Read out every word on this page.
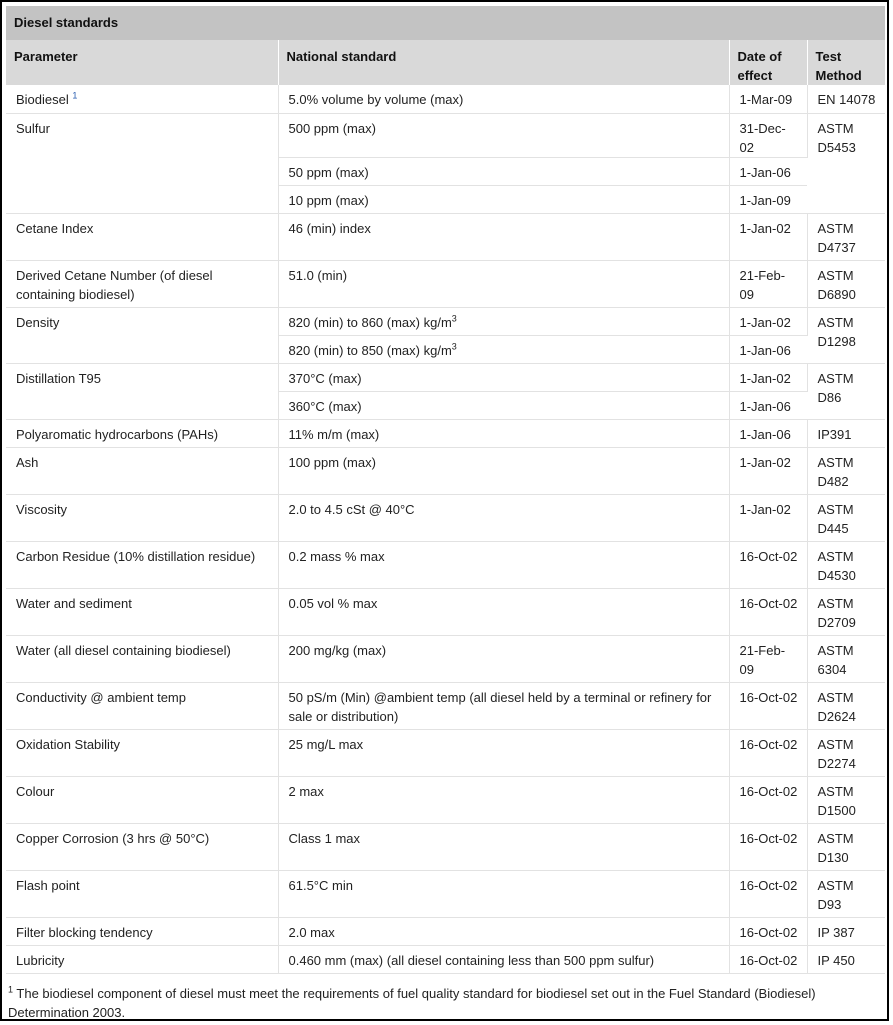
Diesel standards
Parameter	National standard	Date of effect	Test Method
Biodiesel $^1$	5.0% volume by volume (max)	1-Mar-09	EN 14078
Sulfur	500 ppm (max)	31-Dec-02	ASTM D5453
	50 ppm (max)	1-Jan-06	
	10 ppm (max)	1-Jan-09	
Cetane Index	46 (min) index	1-Jan-02	ASTM D4737
Derived Cetane Number (of diesel containing biodiesel)	51.0 (min)	21-Feb-09	ASTM D6890
Density	820 (min) to 860 (max) $kg/m^3$	1-Jan-02	ASTM D1298
	820 (min) to 850 (max) $kg/m^3$	1-Jan-06	
Distillation T95	370°C (max)	1-Jan-02	ASTM D86
	360°C (max)	1-Jan-06	
Polyaromatic hydrocarbons (PAHs)	11% m/m (max)	1-Jan-06	IP391
Ash	100 ppm (max)	1-Jan-02	ASTM D482
Viscosity	2.0 to 4.5 cSt @ 40°C	1-Jan-02	ASTM D445
Carbon Residue (10% distillation residue)	0.2 mass % max	16-Oct-02	ASTM D4530
Water and sediment	0.05 vol % max	16-Oct-02	ASTM D2709
Water (all diesel containing biodiesel)	200 mg/kg (max)	21-Feb-09	ASTM 6304
Conductivity @ ambient temp	50 pS/m (Min) @ambient temp (all diesel held by a terminal or refinery for sale or distribution)	16-Oct-02	ASTM D2624
Oxidation Stability	25 mg/L max	16-Oct-02	ASTM D2274
Colour	2 max	16-Oct-02	ASTM D1500
Copper Corrosion (3 hrs @ 50°C)	Class 1 max	16-Oct-02	ASTM D130
Flash point	61.5°C min	16-Oct-02	ASTM D93
Filter blocking tendency	2.0 max	16-Oct-02	IP 387
Lubricity	0.460 mm (max) (all diesel containing less than 500 ppm sulfur)	16-Oct-02	IP 450
$^1$ The biodiesel component of diesel must meet the requirements of fuel quality standard for biodiesel set out in the Fuel Standard (Biodiesel) Determination 2003.
